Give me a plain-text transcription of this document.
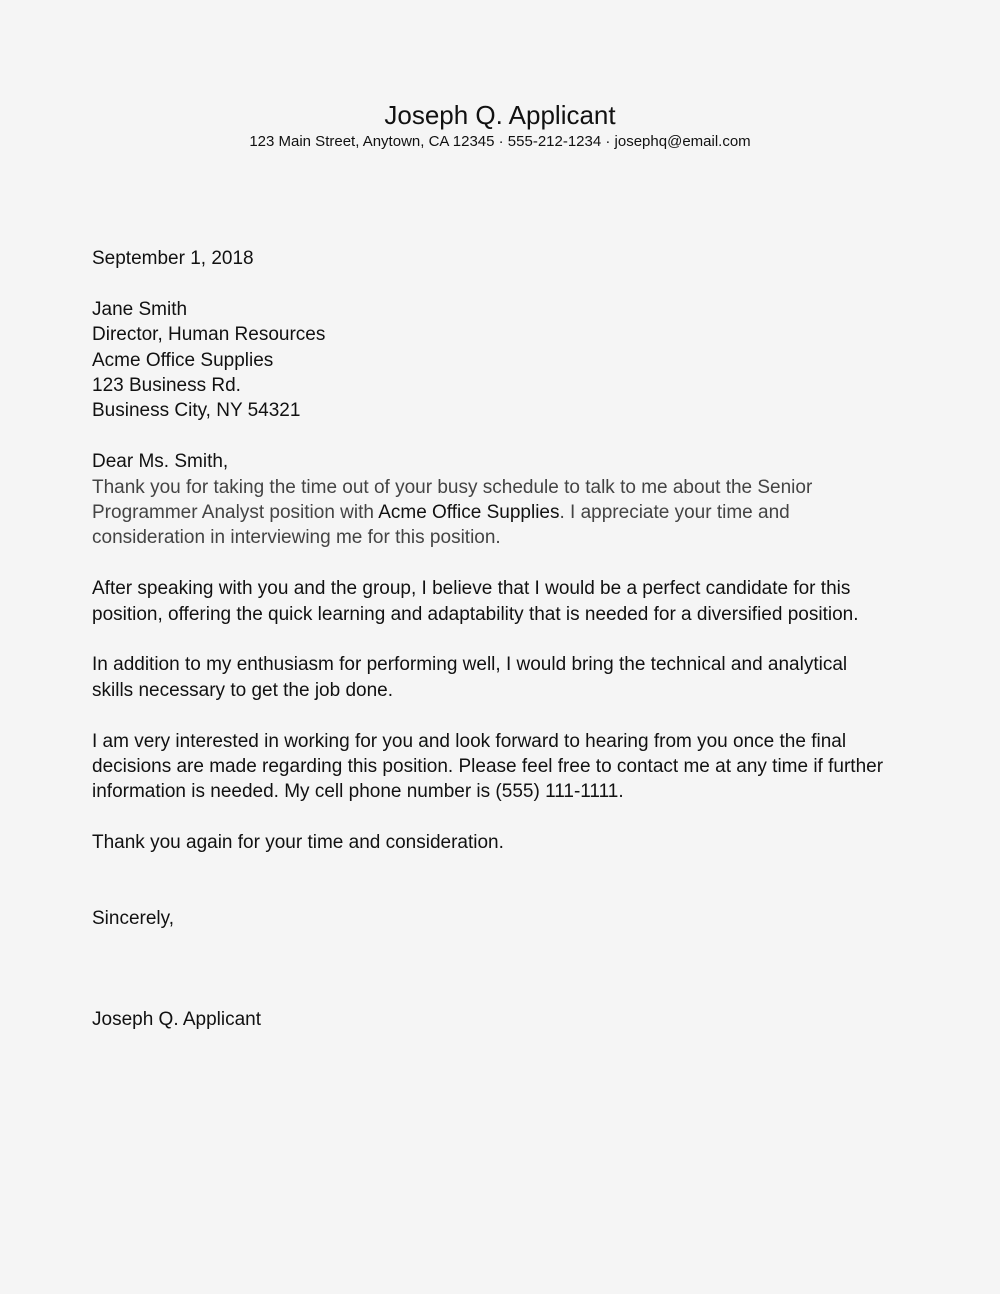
Joseph Q. Applicant
123 Main Street, Anytown, CA 12345 · 555-212-1234 · josephq@email.com
September 1, 2018
Jane Smith
Director, Human Resources
Acme Office Supplies
123 Business Rd.
Business City, NY 54321
Dear Ms. Smith,
Thank you for taking the time out of your busy schedule to talk to me about the Senior
Programmer Analyst position with Acme Office Supplies. I appreciate your time and
consideration in interviewing me for this position.
After speaking with you and the group, I believe that I would be a perfect candidate for this
position, offering the quick learning and adaptability that is needed for a diversified position.
In addition to my enthusiasm for performing well, I would bring the technical and analytical
skills necessary to get the job done.
I am very interested in working for you and look forward to hearing from you once the final
decisions are made regarding this position. Please feel free to contact me at any time if further
information is needed. My cell phone number is (555) 111-1111.
Thank you again for your time and consideration.
Sincerely,
Joseph Q. Applicant
